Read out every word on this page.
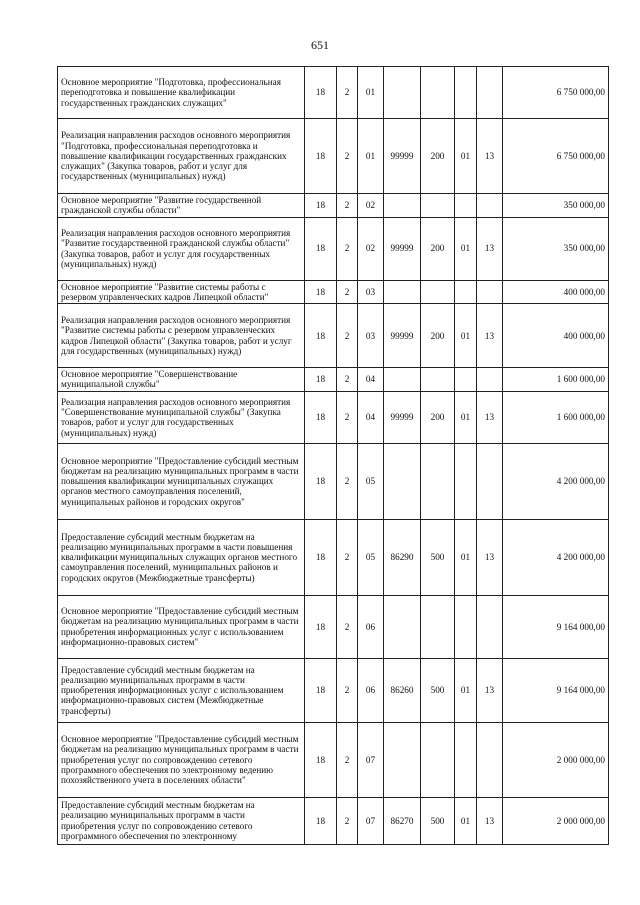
651
Основное мероприятие "Подготовка, профессиональная переподготовка и повышение квалификации государственных гражданских служащих"	18	2	01					6 750 000,00
Реализация направления расходов основного мероприятия "Подготовка, профессиональная переподготовка и повышение квалификации государственных гражданских служащих" (Закупка товаров, работ и услуг для государственных (муниципальных) нужд)	18	2	01	99999	200	01	13	6 750 000,00
Основное мероприятие "Развитие государственной гражданской службы области"	18	2	02					350 000,00
Реализация направления расходов основного мероприятия "Развитие государственной гражданской службы области" (Закупка товаров, работ и услуг для государственных (муниципальных) нужд)	18	2	02	99999	200	01	13	350 000,00
Основное мероприятие "Развитие системы работы с резервом управленческих кадров Липецкой области"	18	2	03					400 000,00
Реализация направления расходов основного мероприятия "Развитие системы работы с резервом управленческих кадров Липецкой области" (Закупка товаров, работ и услуг для государственных (муниципальных) нужд)	18	2	03	99999	200	01	13	400 000,00
Основное мероприятие "Совершенствование муниципальной службы"	18	2	04					1 600 000,00
Реализация направления расходов основного мероприятия "Совершенствование муниципальной службы" (Закупка товаров, работ и услуг для государственных (муниципальных) нужд)	18	2	04	99999	200	01	13	1 600 000,00
Основное мероприятие "Предоставление субсидий местным бюджетам на реализацию муниципальных программ в части повышения квалификации муниципальных служащих органов местного самоуправления поселений, муниципальных районов и городских округов"	18	2	05					4 200 000,00
Предоставление субсидий местным бюджетам на реализацию муниципальных программ в части повышения квалификации муниципальных служащих органов местного самоуправления поселений, муниципальных районов и городских округов (Межбюджетные трансферты)	18	2	05	86290	500	01	13	4 200 000,00
Основное мероприятие "Предоставление субсидий местным бюджетам на реализацию муниципальных программ в части приобретения информационных услуг с использованием информационно-правовых систем"	18	2	06					9 164 000,00
Предоставление субсидий местным бюджетам на реализацию муниципальных программ в части приобретения информационных услуг с использованием информационно-правовых систем (Межбюджетные трансферты)	18	2	06	86260	500	01	13	9 164 000,00
Основное мероприятие "Предоставление субсидий местным бюджетам на реализацию муниципальных программ в части приобретения услуг по сопровождению сетевого программного обеспечения по электронному ведению похозяйственного учета в поселениях области"	18	2	07					2 000 000,00
Предоставление субсидий местным бюджетам на реализацию муниципальных программ в части приобретения услуг по сопровождению сетевого программного обеспечения по электронному	18	2	07	86270	500	01	13	2 000 000,00
